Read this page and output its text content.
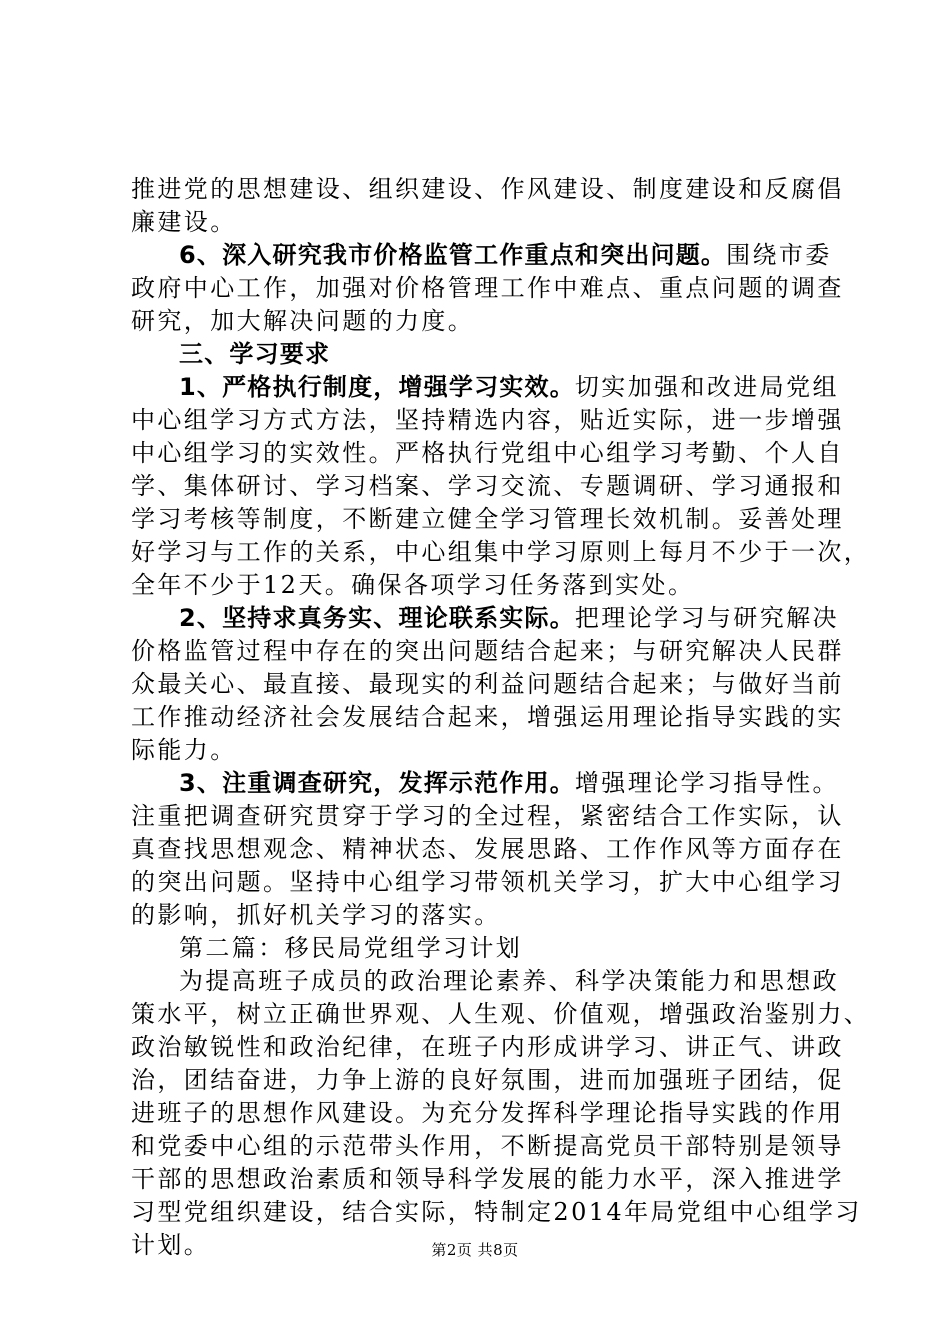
推进党的思想建设、组织建设、作风建设、制度建设和反腐倡
廉建设。
6、深入研究我市价格监管工作重点和突出问题。围绕市委
政府中心工作，加强对价格管理工作中难点、重点问题的调查
研究，加大解决问题的力度。
三、学习要求
1、严格执行制度，增强学习实效。切实加强和改进局党组
中心组学习方式方法，坚持精选内容，贴近实际，进一步增强
中心组学习的实效性。严格执行党组中心组学习考勤、个人自
学、集体研讨、学习档案、学习交流、专题调研、学习通报和
学习考核等制度，不断建立健全学习管理长效机制。妥善处理
好学习与工作的关系，中心组集中学习原则上每月不少于一次，
全年不少于12天。确保各项学习任务落到实处。
2、坚持求真务实、理论联系实际。把理论学习与研究解决
价格监管过程中存在的突出问题结合起来；与研究解决人民群
众最关心、最直接、最现实的利益问题结合起来；与做好当前
工作推动经济社会发展结合起来，增强运用理论指导实践的实
际能力。
3、注重调查研究，发挥示范作用。增强理论学习指导性。
注重把调查研究贯穿于学习的全过程，紧密结合工作实际，认
真查找思想观念、精神状态、发展思路、工作作风等方面存在
的突出问题。坚持中心组学习带领机关学习，扩大中心组学习
的影响，抓好机关学习的落实。
第二篇：移民局党组学习计划
为提高班子成员的政治理论素养、科学决策能力和思想政
策水平，树立正确世界观、人生观、价值观，增强政治鉴别力、
政治敏锐性和政治纪律，在班子内形成讲学习、讲正气、讲政
治，团结奋进，力争上游的良好氛围，进而加强班子团结，促
进班子的思想作风建设。为充分发挥科学理论指导实践的作用
和党委中心组的示范带头作用，不断提高党员干部特别是领导
干部的思想政治素质和领导科学发展的能力水平，深入推进学
习型党组织建设，结合实际，特制定2014年局党组中心组学习
计划。	第2页 共8页
